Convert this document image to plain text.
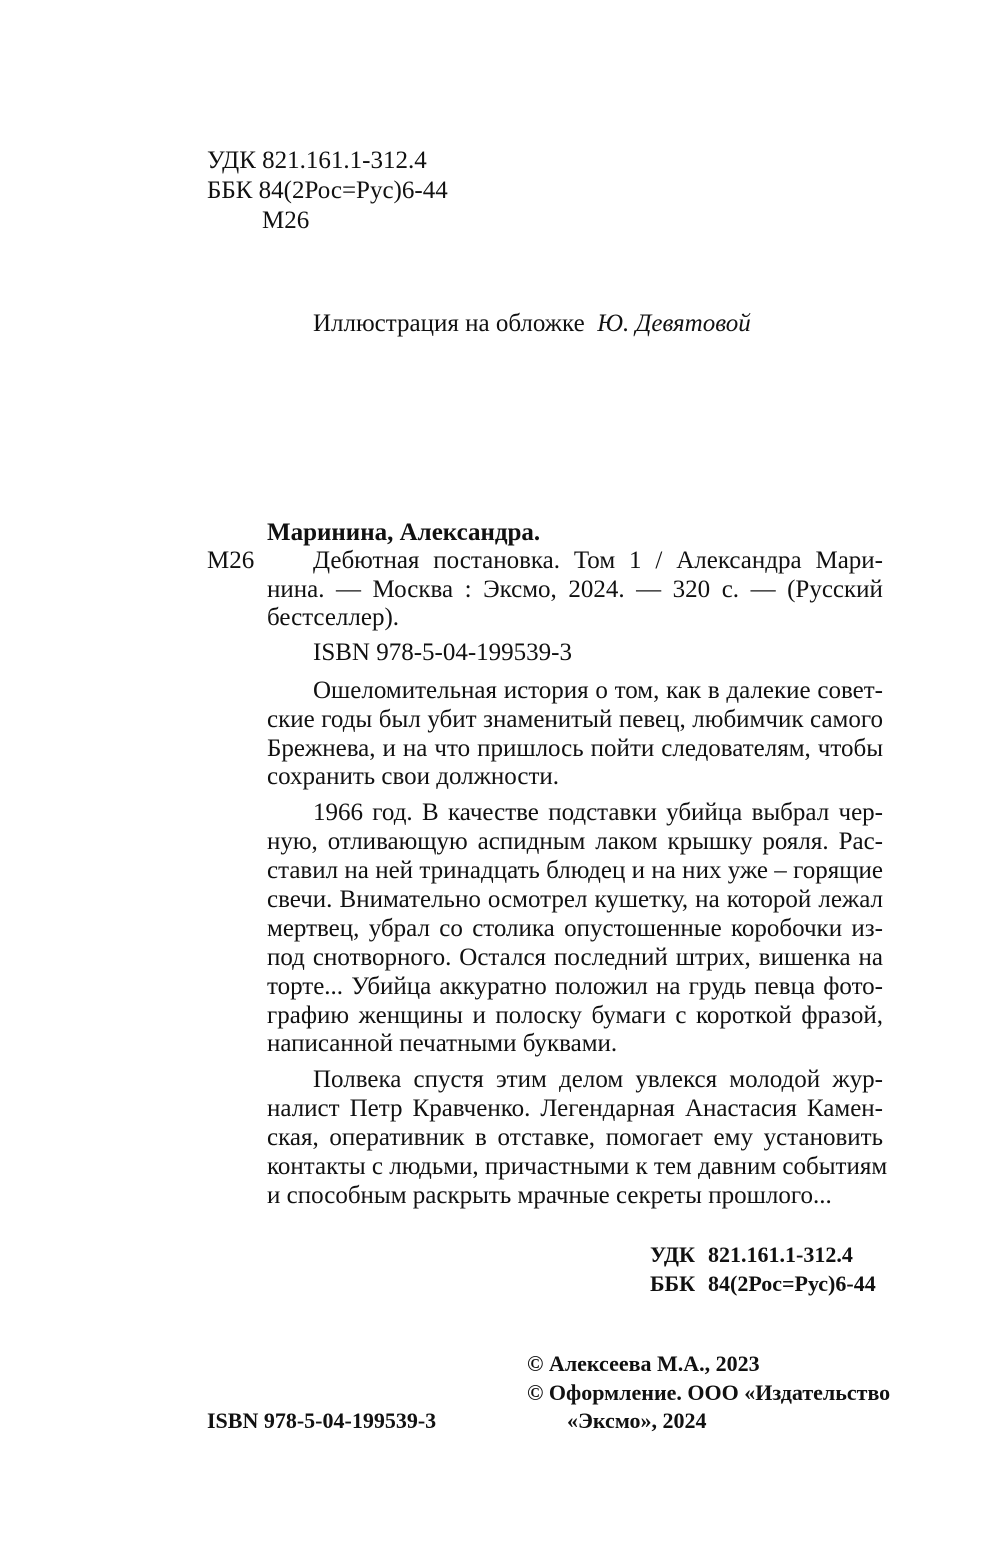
УДК 821.161.1-312.4

ББК 84(2Рос=Рус)6-44

М26

Иллюстрация на обложке Ю. Девятовой

Маринина, Александра.

М26 Дебютная постановка. Том 1 / Александра Мари-

нина. — Москва : Эксмо, 2024. — 320 с. — (Русский

бестселлер).

ISBN 978-5-04-199539-3

Ошеломительная история о том, как в далекие совет-

ские годы был убит знаменитый певец, любимчик самого

Брежнева, и на что пришлось пойти следователям, чтобы

сохранить свои должности.

1966 год. В качестве подставки убийца выбрал чер-

ную, отливающую аспидным лаком крышку рояля. Рас-

ставил на ней тринадцать блюдец и на них уже – горящие

свечи. Внимательно осмотрел кушетку, на которой лежал

мертвец, убрал со столика опустошенные коробочки из-

под снотворного. Остался последний штрих, вишенка на

торте... Убийца аккуратно положил на грудь певца фото-

графию женщины и полоску бумаги с короткой фразой,

написанной печатными буквами.

Полвека спустя этим делом увлекся молодой жур-

налист Петр Кравченко. Легендарная Анастасия Камен-

ская, оперативник в отставке, помогает ему установить

контакты с людьми, причастными к тем давним событиям

и способным раскрыть мрачные секреты прошлого...

УДК 821.161.1-312.4

ББК 84(2Рос=Рус)6-44

© Алексеева М.А., 2023

© Оформление. ООО «Издательство

ISBN 978-5-04-199539-3	«Эксмо», 2024
